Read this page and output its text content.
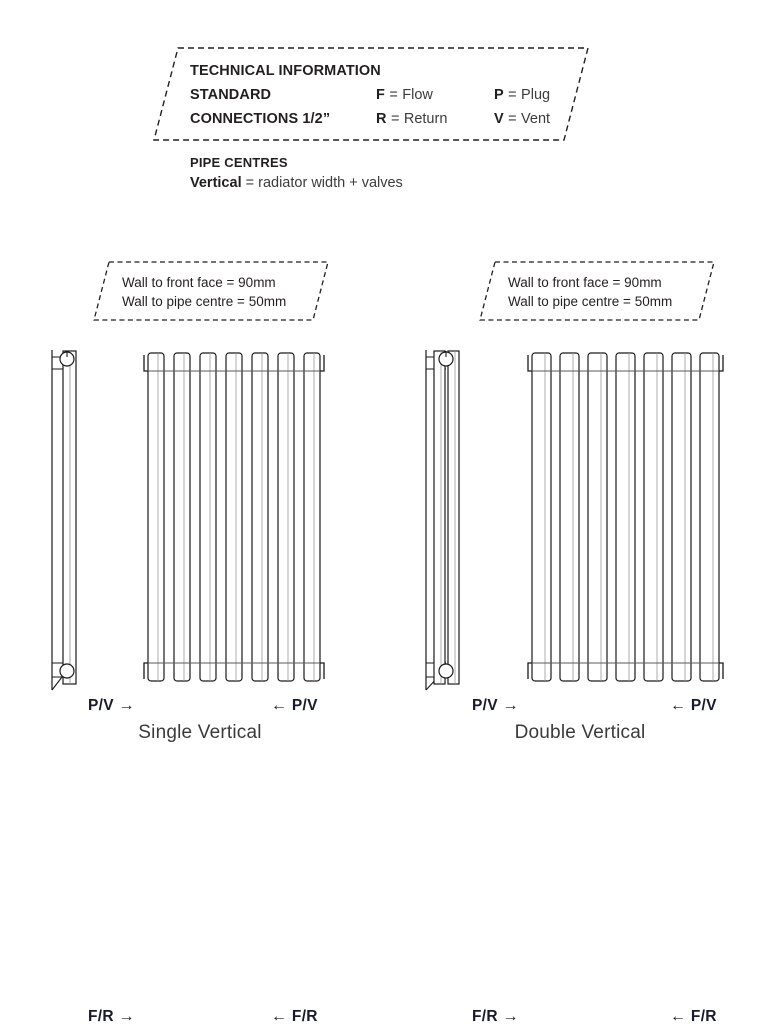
TECHNICAL INFORMATION
STANDARD	F = Flow	P = Plug
CONNECTIONS 1/2”	R = Return	V = Vent
PIPE CENTRES
Vertical = radiator width + valves
Wall to front face = 90mm
Wall to pipe centre = 50mm
Wall to front face = 90mm
Wall to pipe centre = 50mm
P/V →	← P/V
F/R →	← F/R
P/V →	← P/V
F/R →	← F/R
Single Vertical	Double Vertical
